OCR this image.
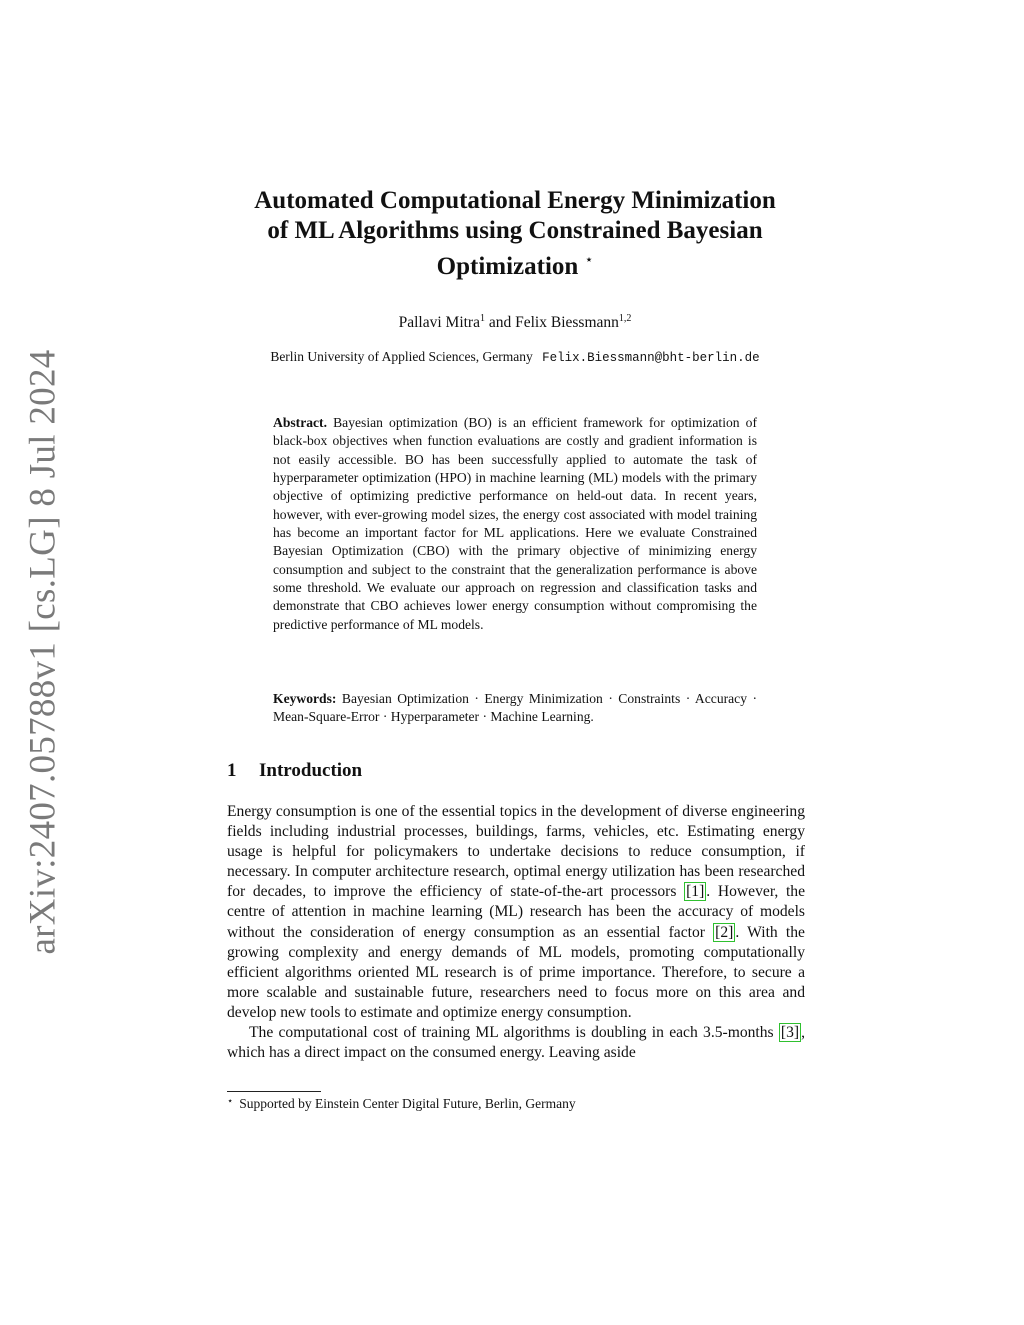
arXiv:2407.05788v1 [cs.LG] 8 Jul 2024
Automated Computational Energy Minimization
of ML Algorithms using Constrained Bayesian
Optimization ⋆
Pallavi Mitra$^1$ and Felix Biessmann$^{1,2}$
Berlin University of Applied Sciences, Germany Felix.Biessmann@bht-berlin.de
Abstract. Bayesian optimization (BO) is an efficient framework for optimization of black-box objectives when function evaluations are costly and gradient information is not easily accessible. BO has been successfully applied to automate the task of hyperparameter optimization (HPO) in machine learning (ML) models with the primary objective of optimizing predictive performance on held-out data. In recent years, however, with ever-growing model sizes, the energy cost associated with model training has become an important factor for ML applications. Here we evaluate Constrained Bayesian Optimization (CBO) with the primary objective of minimizing energy consumption and subject to the constraint that the generalization performance is above some threshold. We evaluate our approach on regression and classification tasks and demonstrate that CBO achieves lower energy consumption without compromising the predictive performance of ML models.
Keywords: Bayesian Optimization · Energy Minimization · Constraints · Accuracy · Mean-Square-Error · Hyperparameter · Machine Learning.
1 Introduction

Energy consumption is one of the essential topics in the development of diverse engineering fields including industrial processes, buildings, farms, vehicles, etc. Estimating energy usage is helpful for policymakers to undertake decisions to reduce consumption, if necessary. In computer architecture research, optimal energy utilization has been researched for decades, to improve the efficiency of state-of-the-art processors [1] . However, the centre of attention in machine learning (ML) research has been the accuracy of models without the consideration of energy consumption as an essential factor [2] . With the growing complexity and energy demands of ML models, promoting computationally efficient algorithms oriented ML research is of prime importance. Therefore, to secure a more scalable and sustainable future, researchers need to focus more on this area and develop new tools to estimate and optimize energy consumption.

The computational cost of training ML algorithms is doubling in each 3.5-months [3] , which has a direct impact on the consumed energy. Leaving aside

⋆ Supported by Einstein Center Digital Future, Berlin, Germany
